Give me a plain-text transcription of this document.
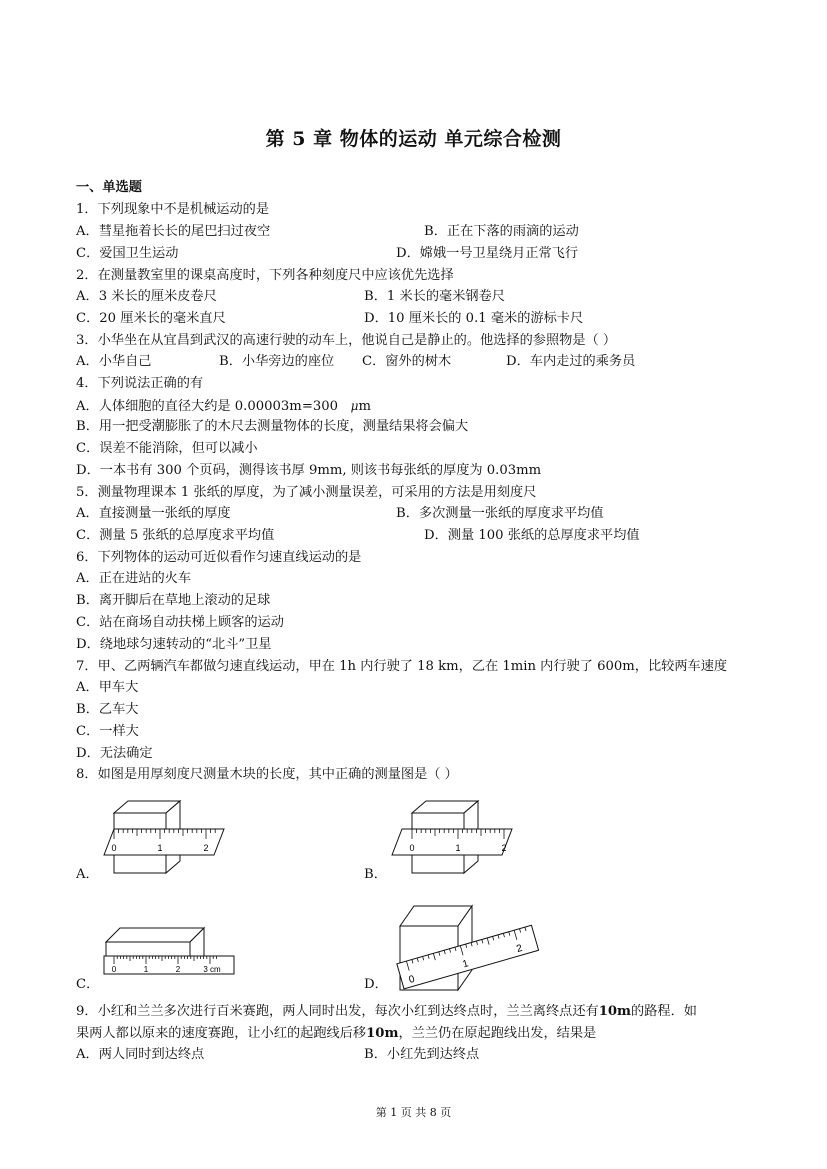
第 5 章 物体的运动 单元综合检测
一、单选题
1．下列现象中不是机械运动的是
A．彗星拖着长长的尾巴扫过夜空	B．正在下落的雨滴的运动
C．爱国卫生运动	D．嫦娥一号卫星绕月正常飞行
2．在测量教室里的课桌高度时，下列各种刻度尺中应该优先选择
A．3 米长的厘米皮卷尺	B．1 米长的毫米钢卷尺
C．20 厘米长的毫米直尺	D．10 厘米长的 0.1 毫米的游标卡尺
3．小华坐在从宜昌到武汉的高速行驶的动车上，他说自己是静止的。他选择的参照物是（ ）
A．小华自己	B．小华旁边的座位 C．窗外的树木	D．车内走过的乘务员
4．下列说法正确的有
A．人体细胞的直径大约是 0.00003m=300 μm
B．用一把受潮膨胀了的木尺去测量物体的长度，测量结果将会偏大
C．误差不能消除，但可以减小
D．一本书有 300 个页码，测得该书厚 9mm, 则该书每张纸的厚度为 0.03mm
5．测量物理课本 1 张纸的厚度，为了减小测量误差，可采用的方法是用刻度尺
A．直接测量一张纸的厚度	B．多次测量一张纸的厚度求平均值
C．测量 5 张纸的总厚度求平均值	D．测量 100 张纸的总厚度求平均值
6．下列物体的运动可近似看作匀速直线运动的是
A．正在进站的火车
B．离开脚后在草地上滚动的足球
C．站在商场自动扶梯上顾客的运动
D．绕地球匀速转动的“北斗”卫星
7．甲、乙两辆汽车都做匀速直线运动，甲在 1h 内行驶了 18 km，乙在 1min 内行驶了 600m，比较两车速度
A．甲车大
B．乙车大
C．一样大
D．无法确定
8．如图是用厚刻度尺测量木块的长度，其中正确的测量图是（ ）
0	1	2
A．
0	1	2
B．
0	1	2	3 cm
C．	0
1
2
D．
9．小红和兰兰多次进行百米赛跑，两人同时出发，每次小红到达终点时，兰兰离终点还有10m的路程．如
果两人都以原来的速度赛跑，让小红的起跑线后移10m，兰兰仍在原起跑线出发，结果是
A．两人同时到达终点	B．小红先到达终点
第 1 页 共 8 页
